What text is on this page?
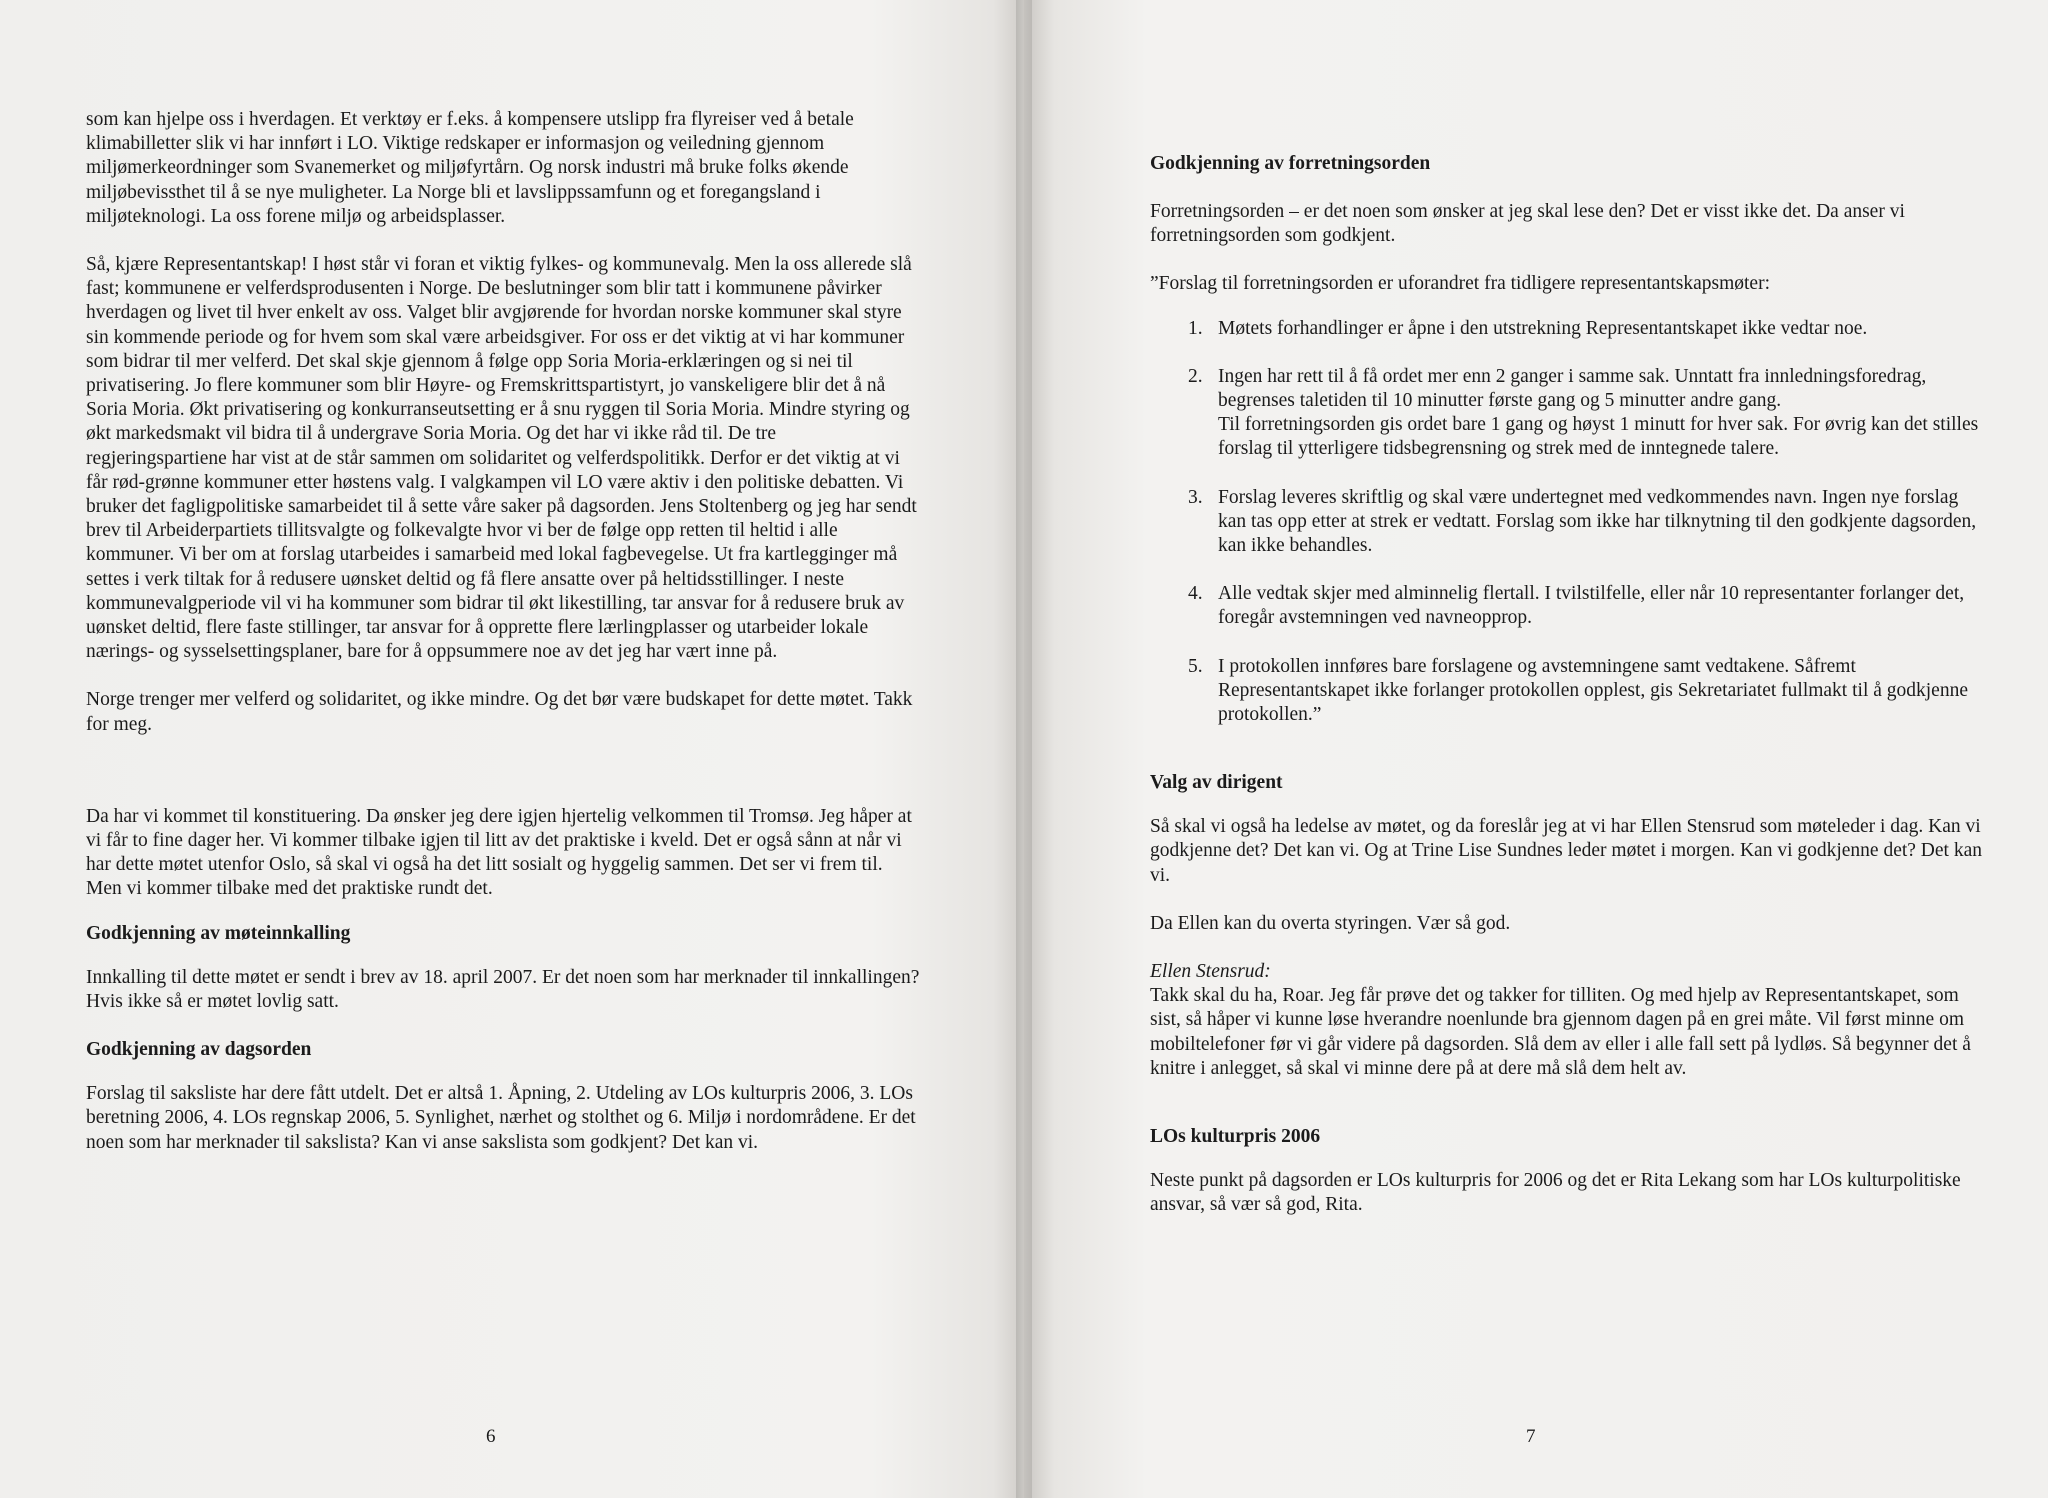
som kan hjelpe oss i hverdagen. Et verktøy er f.eks. å kompensere utslipp fra flyreiser ved å betale klimabilletter slik vi har innført i LO. Viktige redskaper er informasjon og veiledning gjennom miljømerkeordninger som Svanemerket og miljøfyrtårn. Og norsk industri må bruke folks økende miljøbevissthet til å se nye muligheter. La Norge bli et lavslippssamfunn og et foregangsland i miljøteknologi. La oss forene miljø og arbeidsplasser.

Så, kjære Representantskap! I høst står vi foran et viktig fylkes- og kommunevalg. Men la oss allerede slå fast; kommunene er velferdsprodusenten i Norge. De beslutninger som blir tatt i kommunene påvirker hverdagen og livet til hver enkelt av oss. Valget blir avgjørende for hvordan norske kommuner skal styre sin kommende periode og for hvem som skal være arbeidsgiver. For oss er det viktig at vi har kommuner som bidrar til mer velferd. Det skal skje gjennom å følge opp Soria Moria-erklæringen og si nei til privatisering. Jo flere kommuner som blir Høyre- og Fremskrittspartistyrt, jo vanskeligere blir det å nå Soria Moria. Økt privatisering og konkurranseutsetting er å snu ryggen til Soria Moria. Mindre styring og økt markedsmakt vil bidra til å undergrave Soria Moria. Og det har vi ikke råd til. De tre regjeringspartiene har vist at de står sammen om solidaritet og velferdspolitikk. Derfor er det viktig at vi får rød-grønne kommuner etter høstens valg. I valgkampen vil LO være aktiv i den politiske debatten. Vi bruker det fagligpolitiske samarbeidet til å sette våre saker på dagsorden. Jens Stoltenberg og jeg har sendt brev til Arbeiderpartiets tillitsvalgte og folkevalgte hvor vi ber de følge opp retten til heltid i alle kommuner. Vi ber om at forslag utarbeides i samarbeid med lokal fagbevegelse. Ut fra kartlegginger må settes i verk tiltak for å redusere uønsket deltid og få flere ansatte over på heltidsstillinger. I neste kommunevalgperiode vil vi ha kommuner som bidrar til økt likestilling, tar ansvar for å redusere bruk av uønsket deltid, flere faste stillinger, tar ansvar for å opprette flere lærlingplasser og utarbeider lokale nærings- og sysselsettingsplaner, bare for å oppsummere noe av det jeg har vært inne på.

Norge trenger mer velferd og solidaritet, og ikke mindre. Og det bør være budskapet for dette møtet. Takk for meg.

Da har vi kommet til konstituering. Da ønsker jeg dere igjen hjertelig velkommen til Tromsø. Jeg håper at vi får to fine dager her. Vi kommer tilbake igjen til litt av det praktiske i kveld. Det er også sånn at når vi har dette møtet utenfor Oslo, så skal vi også ha det litt sosialt og hyggelig sammen. Det ser vi frem til. Men vi kommer tilbake med det praktiske rundt det.

Godkjenning av møteinnkalling

Innkalling til dette møtet er sendt i brev av 18. april 2007. Er det noen som har merknader til innkallingen? Hvis ikke så er møtet lovlig satt.

Godkjenning av dagsorden

Forslag til saksliste har dere fått utdelt. Det er altså 1. Åpning, 2. Utdeling av LOs kulturpris 2006, 3. LOs beretning 2006, 4. LOs regnskap 2006, 5. Synlighet, nærhet og stolthet og 6. Miljø i nordområdene. Er det noen som har merknader til sakslista? Kan vi anse sakslista som godkjent? Det kan vi.

6
Godkjenning av forretningsorden

Forretningsorden – er det noen som ønsker at jeg skal lese den? Det er visst ikke det. Da anser vi forretningsorden som godkjent.

”Forslag til forretningsorden er uforandret fra tidligere representantskapsmøter:

1. Møtets forhandlinger er åpne i den utstrekning Representantskapet ikke vedtar noe.
2. Ingen har rett til å få ordet mer enn 2 ganger i samme sak. Unntatt fra innledningsforedrag, begrenses taletiden til 10 minutter første gang og 5 minutter andre gang.
Til forretningsorden gis ordet bare 1 gang og høyst 1 minutt for hver sak. For øvrig kan det stilles forslag til ytterligere tidsbegrensning og strek med de inntegnede talere.
3. Forslag leveres skriftlig og skal være undertegnet med vedkommendes navn. Ingen nye forslag kan tas opp etter at strek er vedtatt. Forslag som ikke har tilknytning til den godkjente dagsorden, kan ikke behandles.
4. Alle vedtak skjer med alminnelig flertall. I tvilstilfelle, eller når 10 representanter forlanger det, foregår avstemningen ved navneopprop.
5. I protokollen innføres bare forslagene og avstemningene samt vedtakene. Såfremt Representantskapet ikke forlanger protokollen opplest, gis Sekretariatet fullmakt til å godkjenne protokollen.”
Valg av dirigent

Så skal vi også ha ledelse av møtet, og da foreslår jeg at vi har Ellen Stensrud som møteleder i dag. Kan vi godkjenne det? Det kan vi. Og at Trine Lise Sundnes leder møtet i morgen. Kan vi godkjenne det? Det kan vi.

Da Ellen kan du overta styringen. Vær så god.

Ellen Stensrud:

Takk skal du ha, Roar. Jeg får prøve det og takker for tilliten. Og med hjelp av Representantskapet, som sist, så håper vi kunne løse hverandre noenlunde bra gjennom dagen på en grei måte. Vil først minne om mobiltelefoner før vi går videre på dagsorden. Slå dem av eller i alle fall sett på lydløs. Så begynner det å knitre i anlegget, så skal vi minne dere på at dere må slå dem helt av.

LOs kulturpris 2006

Neste punkt på dagsorden er LOs kulturpris for 2006 og det er Rita Lekang som har LOs kulturpolitiske ansvar, så vær så god, Rita.

7
